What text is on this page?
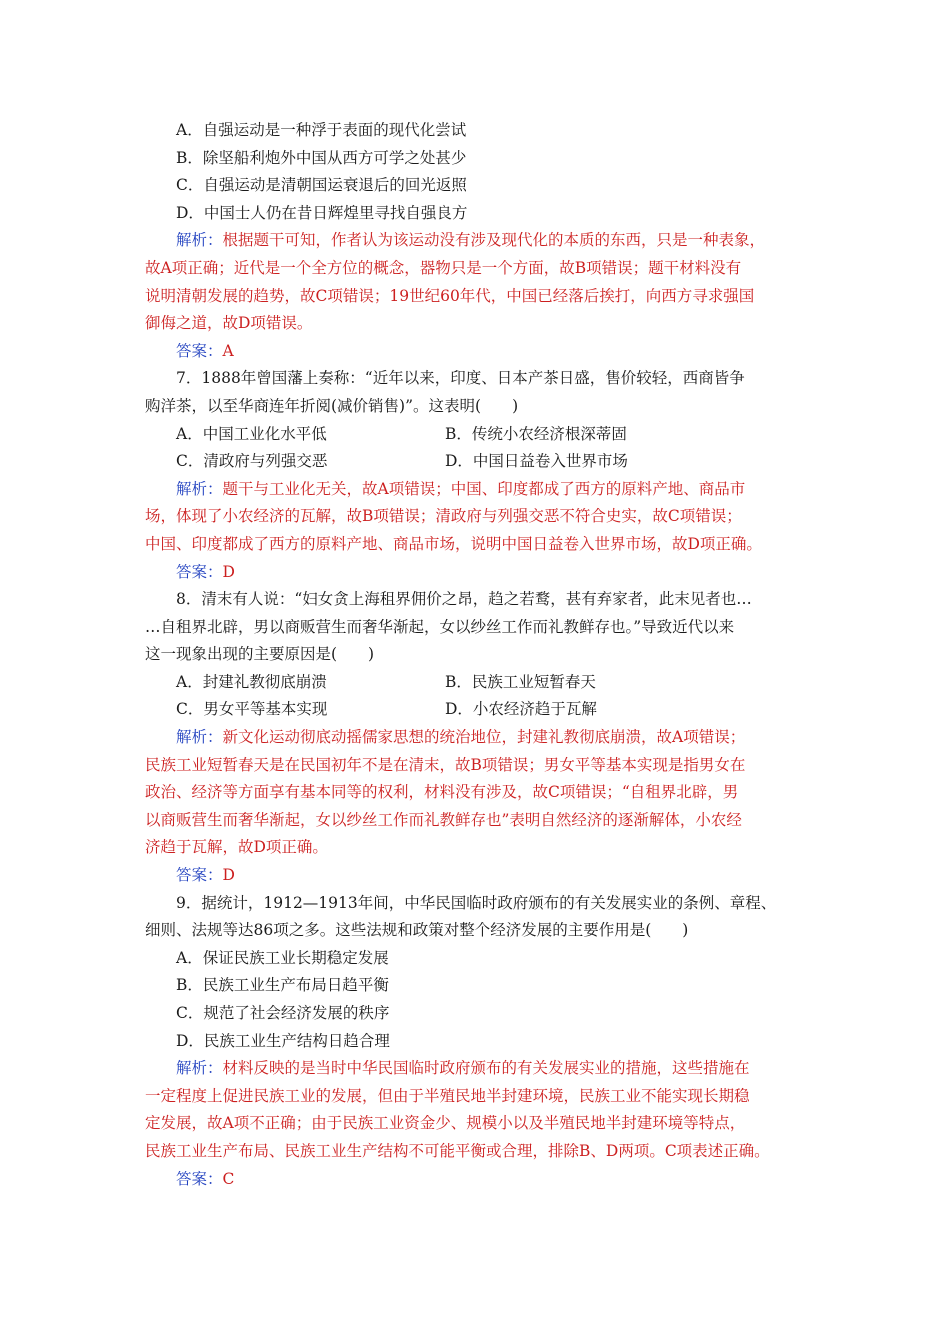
A．自强运动是一种浮于表面的现代化尝试

B．除坚船利炮外中国从西方可学之处甚少

C．自强运动是清朝国运衰退后的回光返照

D．中国士人仍在昔日辉煌里寻找自强良方

解析：根据题干可知，作者认为该运动没有涉及现代化的本质的东西，只是一种表象，

故A项正确；近代是一个全方位的概念，器物只是一个方面，故B项错误；题干材料没有

说明清朝发展的趋势，故C项错误；19世纪60年代，中国已经落后挨打，向西方寻求强国

御侮之道，故D项错误。

答案：A

7．1888年曾国藩上奏称：“近年以来，印度、日本产茶日盛，售价较轻，西商皆争

购洋茶，以至华商连年折阅(减价销售)”。这表明(　　)

A．中国工业化水平低	B．传统小农经济根深蒂固

C．清政府与列强交恶	D．中国日益卷入世界市场

解析：题干与工业化无关，故A项错误；中国、印度都成了西方的原料产地、商品市

场，体现了小农经济的瓦解，故B项错误；清政府与列强交恶不符合史实，故C项错误；

中国、印度都成了西方的原料产地、商品市场，说明中国日益卷入世界市场，故D项正确。

答案：D

8．清末有人说：“妇女贪上海租界佣价之昂，趋之若鹜，甚有弃家者，此末见者也…

…自租界北辟，男以商贩营生而奢华渐起，女以纱丝工作而礼教鲜存也。”导致近代以来

这一现象出现的主要原因是(　　)

A．封建礼教彻底崩溃	B．民族工业短暂春天

C．男女平等基本实现	D．小农经济趋于瓦解

解析：新文化运动彻底动摇儒家思想的统治地位，封建礼教彻底崩溃，故A项错误；

民族工业短暂春天是在民国初年不是在清末，故B项错误；男女平等基本实现是指男女在

政治、经济等方面享有基本同等的权利，材料没有涉及，故C项错误；“自租界北辟，男

以商贩营生而奢华渐起，女以纱丝工作而礼教鲜存也”表明自然经济的逐渐解体，小农经

济趋于瓦解，故D项正确。

答案：D

9．据统计，1912—1913年间，中华民国临时政府颁布的有关发展实业的条例、章程、

细则、法规等达86项之多。这些法规和政策对整个经济发展的主要作用是(　　)

A．保证民族工业长期稳定发展

B．民族工业生产布局日趋平衡

C．规范了社会经济发展的秩序

D．民族工业生产结构日趋合理

解析：材料反映的是当时中华民国临时政府颁布的有关发展实业的措施，这些措施在

一定程度上促进民族工业的发展，但由于半殖民地半封建环境，民族工业不能实现长期稳

定发展，故A项不正确；由于民族工业资金少、规模小以及半殖民地半封建环境等特点，

民族工业生产布局、民族工业生产结构不可能平衡或合理，排除B、D两项。C项表述正确。

答案：C
